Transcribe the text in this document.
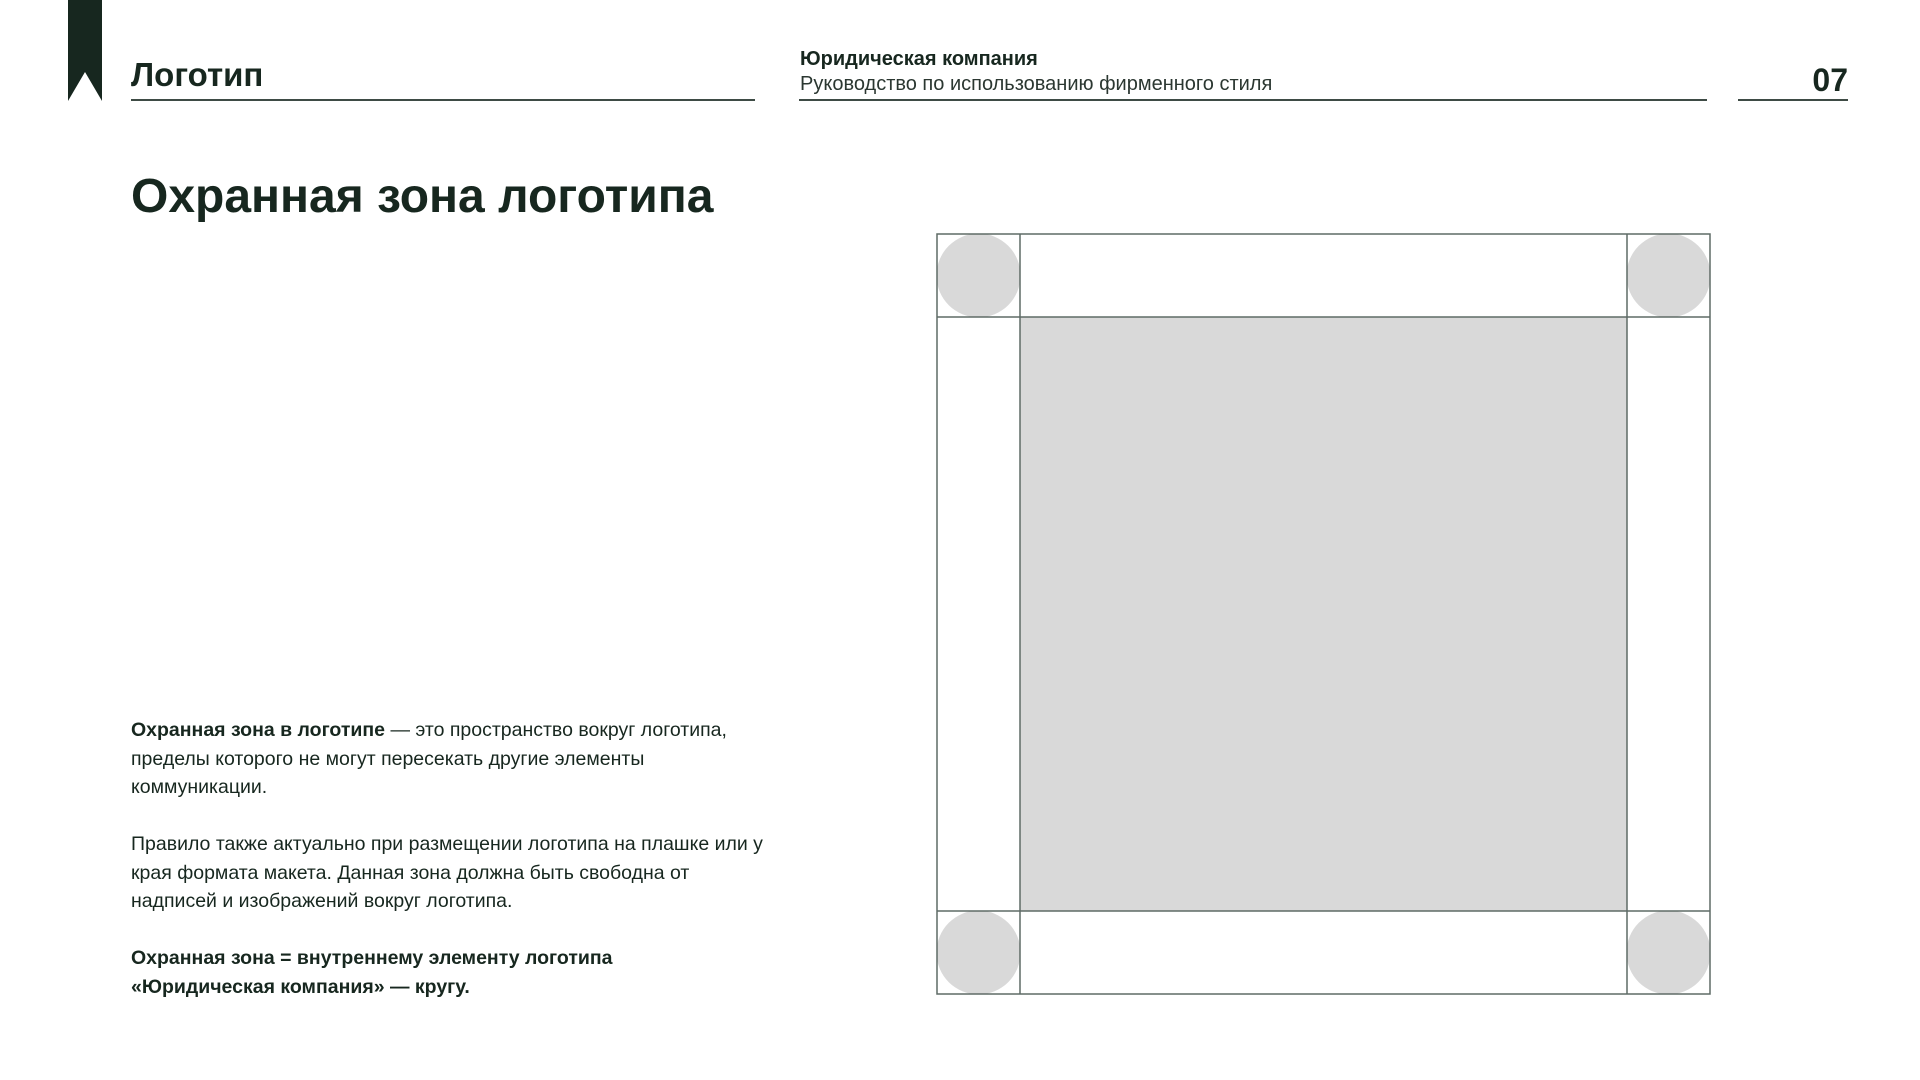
Логотип	Юридическая компания
Руководство по использованию фирменного стиля	07
Охранная зона логотипа

Охранная зона в логотипе — это пространство вокруг логотипа, пределы которого не могут пересекать другие элементы коммуникации.

Правило также актуально при размещении логотипа на плашке или у края формата макета. Данная зона должна быть свободна от надписей и изображений вокруг логотипа.

Охранная зона = внутреннему элементу логотипа
«Юридическая компания» — кругу.
